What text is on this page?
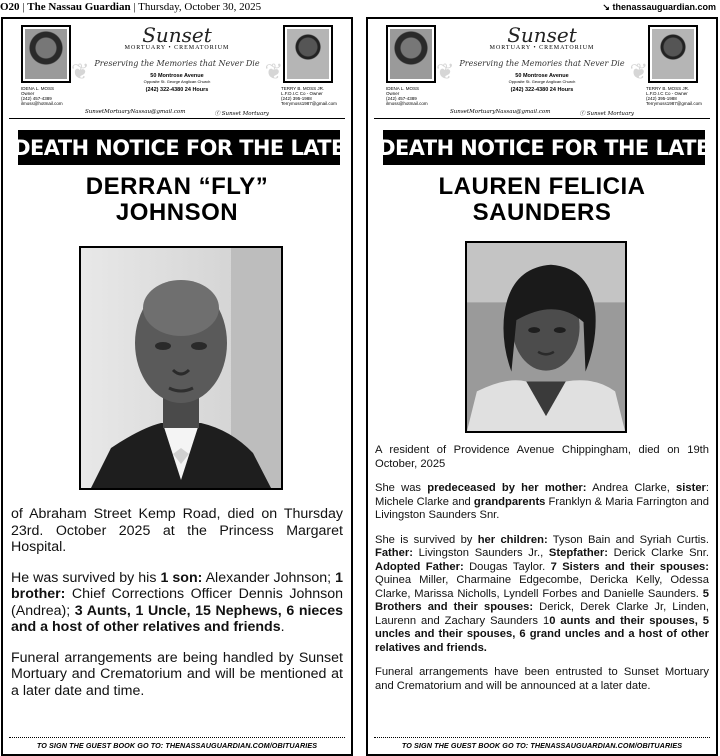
O20 | The Nassau Guardian | Thursday, October 30, 2025	↘ thenassauguardian.com
IDENA L. MOSS
Owner
(242) 457-4389
ilmoss@hotmail.com
❦	❦
Sunset
MORTUARY • CREMATORIUM
Preserving the Memories that Never Die
50 Montrose Avenue
Opposite St. George Anglican Church
(242) 322-4380 24 Hours
SunsetMortuaryNassau@gmail.com	ⓕ Sunset Mortuary
TERRY B. MOSS JR.
L.F.D.I.C Co - Owner
(242) 395-1988
Terrymoss1987@gmail.com
DEATH NOTICE FOR THE LATE
DERRAN “FLY”
JOHNSON

of Abraham Street Kemp Road, died on Thursday 23rd. October 2025 at the Princess Margaret Hospital.

He was survived by his 1 son: Alexander Johnson; 1 brother: Chief Corrections Officer Dennis Johnson (Andrea); 3 Aunts, 1 Uncle, 15 Nephews, 6 nieces and a host of other relatives and friends.

Funeral arrangements are being handled by Sunset Mortuary and Crematorium and will be mentioned at a later date and time.

TO SIGN THE GUEST BOOK GO TO: THENASSAUGUARDIAN.COM/OBITUARIES
IDENA L. MOSS
Owner
(242) 457-4389
ilmoss@hotmail.com
❦	❦
Sunset
MORTUARY • CREMATORIUM
Preserving the Memories that Never Die
50 Montrose Avenue
Opposite St. George Anglican Church
(242) 322-4380 24 Hours
SunsetMortuaryNassau@gmail.com	ⓕ Sunset Mortuary
TERRY B. MOSS JR.
L.F.D.I.C Co - Owner
(242) 395-1988
Terrymoss1987@gmail.com
DEATH NOTICE FOR THE LATE
LAUREN FELICIA
SAUNDERS

A resident of Providence Avenue Chippingham, died on 19th October, 2025

She was predeceased by her mother: Andrea Clarke, sister: Michele Clarke and grandparents Franklyn & Maria Farrington and Livingston Saunders Snr.

She is survived by her children: Tyson Bain and Syriah Curtis. Father: Livingston Saunders Jr., Stepfather: Derick Clarke Snr. Adopted Father: Dougas Taylor. 7 Sisters and their spouses: Quinea Miller, Charmaine Edgecombe, Dericka Kelly, Odessa Clarke, Marissa Nicholls, Lyndell Forbes and Danielle Saunders. 5 Brothers and their spouses: Derick, Derek Clarke Jr, Linden, Laurenn and Zachary Saunders 10 aunts and their spouses, 5 uncles and their spouses, 6 grand uncles and a host of other relatives and friends.

Funeral arrangements have been entrusted to Sunset Mortuary and Crematorium and will be announced at a later date.

TO SIGN THE GUEST BOOK GO TO: THENASSAUGUARDIAN.COM/OBITUARIES
